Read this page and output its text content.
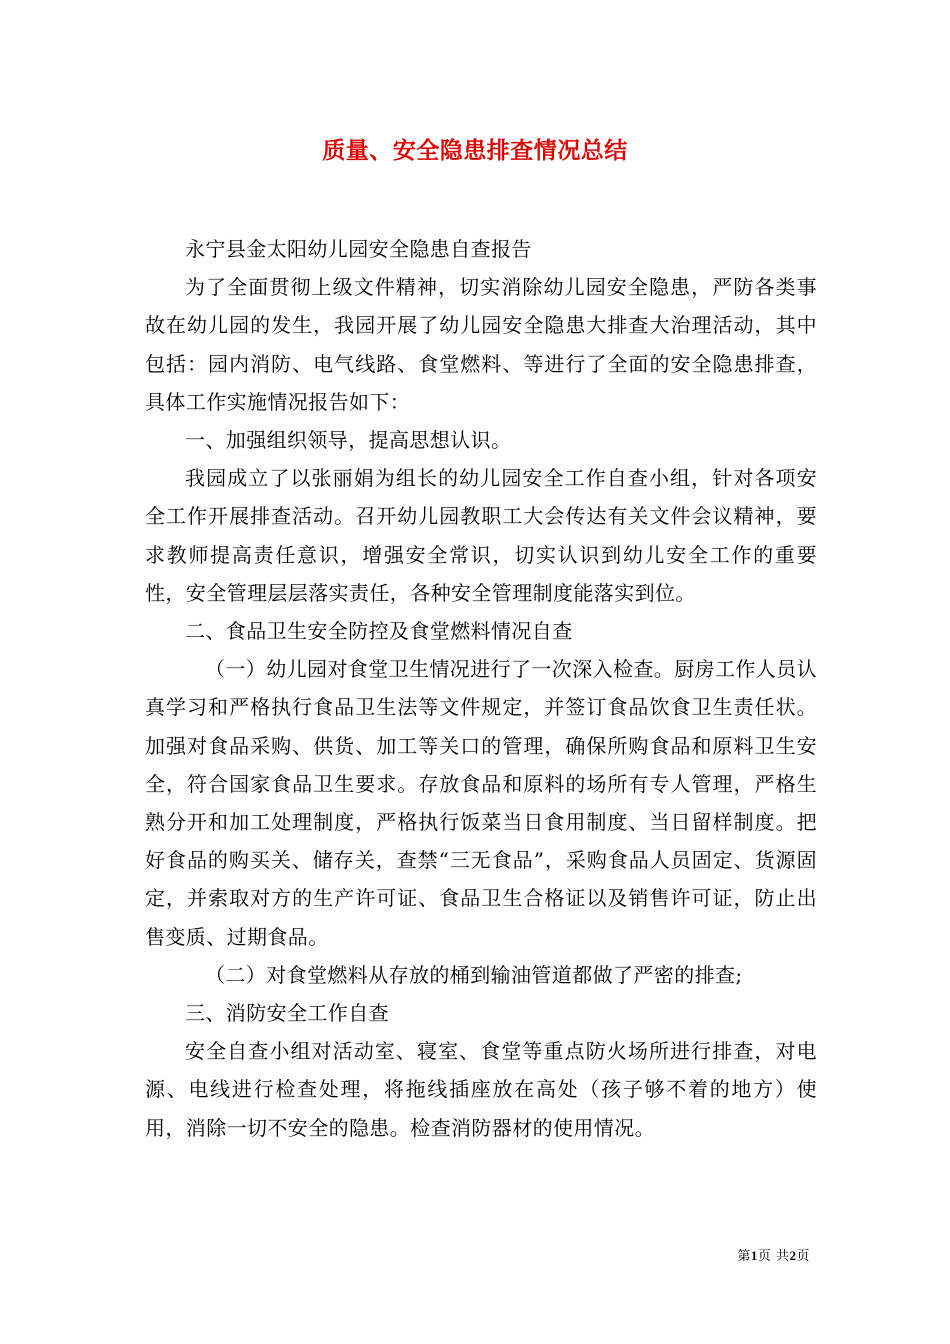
质量、安全隐患排查情况总结

永宁县金太阳幼儿园安全隐患自查报告

为了全面贯彻上级文件精神，切实消除幼儿园安全隐患，严防各类事故在幼儿园的发生，我园开展了幼儿园安全隐患大排查大治理活动，其中包括：园内消防、电气线路、食堂燃料、等进行了全面的安全隐患排查，具体工作实施情况报告如下：

一、加强组织领导，提高思想认识。

我园成立了以张丽娟为组长的幼儿园安全工作自查小组，针对各项安全工作开展排查活动。召开幼儿园教职工大会传达有关文件会议精神，要求教师提高责任意识，增强安全常识，切实认识到幼儿安全工作的重要性，安全管理层层落实责任，各种安全管理制度能落实到位。

二、食品卫生安全防控及食堂燃料情况自查

（一）幼儿园对食堂卫生情况进行了一次深入检查。厨房工作人员认真学习和严格执行食品卫生法等文件规定，并签订食品饮食卫生责任状。加强对食品采购、供货、加工等关口的管理，确保所购食品和原料卫生安全，符合国家食品卫生要求。存放食品和原料的场所有专人管理，严格生熟分开和加工处理制度，严格执行饭菜当日食用制度、当日留样制度。把好食品的购买关、储存关，查禁“三无食品”，采购食品人员固定、货源固定，并索取对方的生产许可证、食品卫生合格证以及销售许可证，防止出售变质、过期食品。

（二）对食堂燃料从存放的桶到输油管道都做了严密的排查;

三、消防安全工作自查

安全自查小组对活动室、寝室、食堂等重点防火场所进行排查，对电源、电线进行检查处理，将拖线插座放在高处（孩子够不着的地方）使用，消除一切不安全的隐患。检查消防器材的使用情况。

第1页 共2页
